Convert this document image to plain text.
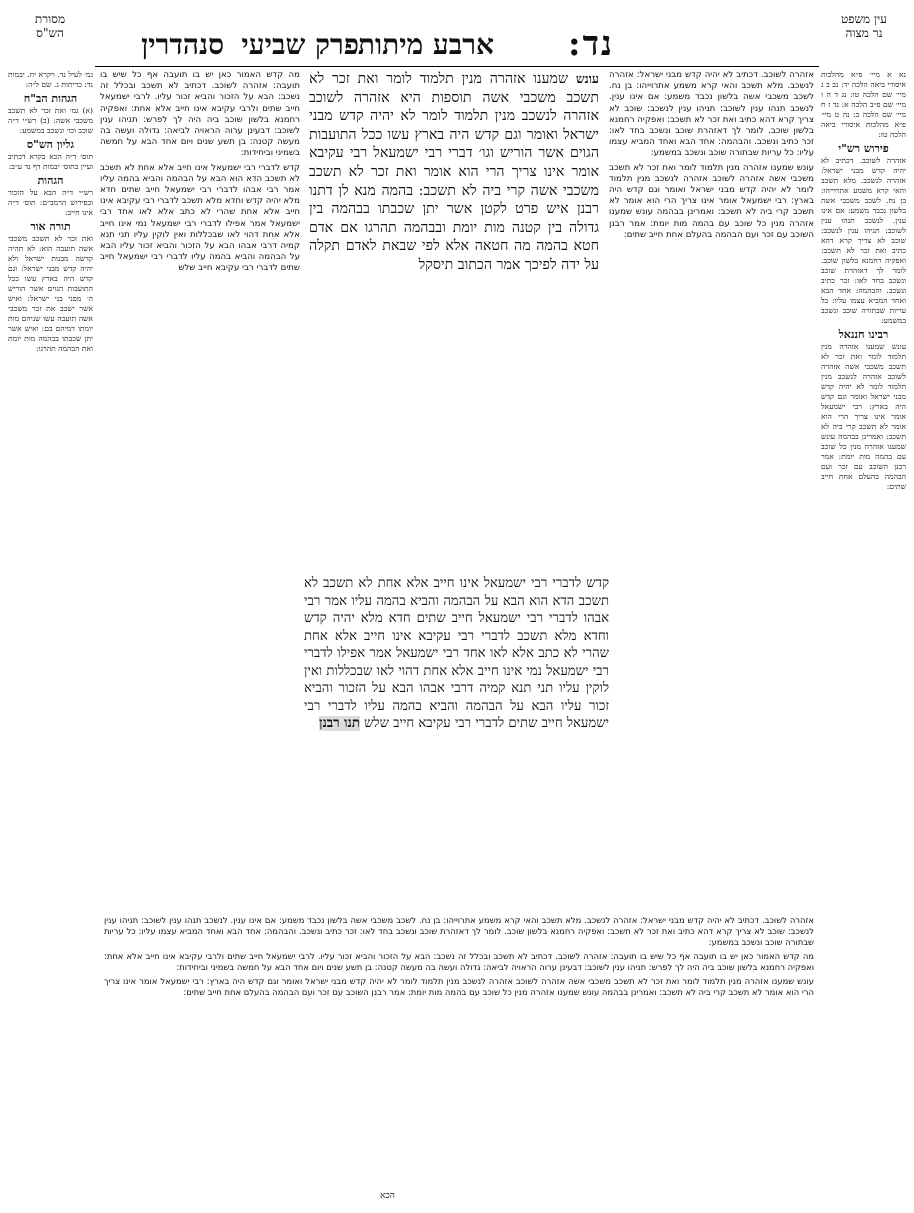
עין משפט
נר מצוה
נד:
ארבע מיתות
פרק שביעי
סנהדרין
מסורת
הש"ס

נא א מיי׳ פ״א מהלכות איסורי ביאה הלכה יד: נב ב ג מיי׳ שם הלכה טו: נג ד ה ו מיי׳ שם פ״ב הלכה א: נד ז ח מיי׳ שם הלכה ב: נה ט מיי׳ פ״א מהלכות איסורי ביאה הלכה טז:

פירוש רש"י

אזהרה לשוכב. דכתיב לא יהיה קדש מבני ישראל: אזהרה לנשכב. מלא תשכב והאי קרא משמע אתרוייהו: בן נח. לשכב משכבי אשה בלשון נכבד משמע: אם אינו ענין. לנשכב תנהו ענין לשוכב: תניהו ענין לנשכב: שוכב לא צריך קרא דהא כתיב ואת זכר לא תשכב: ואפקיה רחמנא בלשון שוכב. לומר לך דאזהרת שוכב ונשכב בחד לאו: זכר כתיב ונשכב. והבהמה: אחד הבא ואחד המביא עצמו עליו: כל עריות שבתורה שוכב ונשכב במשמע:

רבינו חננאל

עונש שמענו אזהרה מנין תלמוד לומר ואת זכר לא תשכב משכבי אשה אזהרה לשוכב אזהרה לנשכב מנין תלמוד לומר לא יהיה קדש מבני ישראל ואומר וגם קדש היה בארץ: רבי ישמעאל אומר אינו צריך הרי הוא אומר לא תשכב קרי ביה לא תשכב: ואמרינן בבהמה עונש שמענו אזהרה מנין כל שוכב עם בהמה מות יומת: אמר רבנן השוכב עם זכר ועם הבהמה בהעלם אחת חייב שתים:

אזהרה לשוכב. דכתיב לא יהיה קדש מבני ישראל: אזהרה לנשכב. מלא תשכב והאי קרא משמע אתרוייהו: בן נח. לשכב משכבי אשה בלשון נכבד משמע: אם אינו ענין. לנשכב תנהו ענין לשוכב: תניהו ענין לנשכב: שוכב לא צריך קרא דהא כתיב ואת זכר לא תשכב: ואפקיה רחמנא בלשון שוכב. לומר לך דאזהרת שוכב ונשכב בחד לאו: זכר כתיב ונשכב. והבהמה: אחד הבא ואחד המביא עצמו עליו: כל עריות שבתורה שוכב ונשכב במשמע:

עונש שמענו אזהרה מנין תלמוד לומר ואת זכר לא תשכב משכבי אשה אזהרה לשוכב אזהרה לנשכב מנין תלמוד לומר לא יהיה קדש מבני ישראל ואומר וגם קדש היה בארץ: רבי ישמעאל אומר אינו צריך הרי הוא אומר לא תשכב קרי ביה לא תשכב: ואמרינן בבהמה עונש שמענו אזהרה מנין כל שוכב עם בהמה מות יומת: אמר רבנן השוכב עם זכר ועם הבהמה בהעלם אחת חייב שתים:

עונש שמענו אזהרה מנין תלמוד לומר ואת זכר לא תשכב משכבי אשה תוספות היא אזהרה לשוכב אזהרה לנשכב מנין תלמוד לומר לא יהיה קדש מבני ישראל ואומר וגם קדש היה בארץ עשו ככל התועבות הגוים אשר הוריש וגו׳ דברי רבי ישמעאל רבי עקיבא אומר אינו צריך הרי הוא אומר ואת זכר לא תשכב משכבי אשה קרי ביה לא תשכב: בהמה מנא לן דתנו רבנן איש פרט לקטן אשר יתן שכבתו בבהמה בין גדולה בין קטנה מות יומת ובבהמה תהרגו אם אדם חטא בהמה מה חטאה אלא לפי שבאת לאדם תקלה על ידה לפיכך אמר הכתוב תיסקל

מה קדש האמור כאן יש בו תועבה אף כל שיש בו תועבה: אזהרה לשוכב. דכתיב לא תשכב ובכלל זה נשכב: הבא על הזכור והביא זכור עליו. לרבי ישמעאל חייב שתים ולרבי עקיבא אינו חייב אלא אחת: ואפקיה רחמנא בלשון שוכב ביה היה לך לפרש: תניהו ענין לשוכב: דבעינן ערוה הראויה לביאה: גדולה ועשה בה מעשה קטנה: בן תשע שנים ויום אחד הבא על חמשה בשמיני וביחידות:

קדש לדברי רבי ישמעאל אינו חייב אלא אחת לא תשכב לא תשכב הדא הוא הבא על הבהמה והביא בהמה עליו אמר רבי אבהו לדברי רבי ישמעאל חייב שתים חדא מלא יהיה קדש וחדא מלא תשכב לדברי רבי עקיבא אינו חייב אלא אחת שהרי לא כתב אלא לאו אחד רבי ישמעאל אמר אפילו לדברי רבי ישמעאל נמי אינו חייב אלא אחת דהוי לאו שבכללות ואין לוקין עליו תני תנא קמיה דרבי אבהו הבא על הזכור והביא זכור עליו הבא על הבהמה והביא בהמה עליו לדברי רבי ישמעאל חייב שתים לדברי רבי עקיבא חייב שלש

קדש לדברי רבי ישמעאל אינו חייב אלא אחת לא תשכב לא תשכב הדא הוא הבא על הבהמה והביא בהמה עליו אמר רבי אבהו לדברי רבי ישמעאל חייב שתים חדא מלא יהיה קדש וחדא מלא תשכב לדברי רבי עקיבא אינו חייב אלא אחת שהרי לא כתב אלא לאו אחד רבי ישמעאל אמר אפילו לדברי רבי ישמעאל נמי אינו חייב אלא אחת דהוי לאו שבכללות ואין לוקין עליו תני תנא קמיה דרבי אבהו הבא על הזכור והביא זכור עליו הבא על הבהמה והביא בהמה עליו לדברי רבי ישמעאל חייב שתים לדברי רבי עקיבא חייב שלש תנו רבנן

גמ׳ לעיל נד. ויקרא יח. יבמות נד: כריתות ג. שם ל״ה:

הגהות הב"ח

(א) גמ׳ ואת זכר לא תשכב משכבי אשה: (ב) רש״י ד״ה שוכב וכו׳ ונשכב במשמע:

גליון הש"ס

תוס׳ ד״ה הכא בקרא דכתיב ועיין בתוס׳ יבמות דף נד ע״ב:

הגהות

רש״י ד״ה הבא על הזכור ובפירוש הרמב״ם: תוס׳ ד״ה אינו חייב:

תורה אור

ואת זכר לא תשכב משכבי אשה תועבה הוא: לא תהיה קדשה מבנות ישראל ולא יהיה קדש מבני ישראל: וגם קדש היה בארץ עשו ככל התועבות הגוים אשר הוריש ה׳ מפני בני ישראל: ואיש אשר ישכב את זכר משכבי אשה תועבה עשו שניהם מות יומתו דמיהם בם: ואיש אשר יתן שכבתו בבהמה מות יומת ואת הבהמה תהרגו:

אזהרה לשוכב. דכתיב לא יהיה קדש מבני ישראל: אזהרה לנשכב. מלא תשכב והאי קרא משמע אתרוייהו: בן נח. לשכב משכבי אשה בלשון נכבד משמע: אם אינו ענין. לנשכב תנהו ענין לשוכב: תניהו ענין לנשכב: שוכב לא צריך קרא דהא כתיב ואת זכר לא תשכב: ואפקיה רחמנא בלשון שוכב. לומר לך דאזהרת שוכב ונשכב בחד לאו: זכר כתיב ונשכב. והבהמה: אחד הבא ואחד המביא עצמו עליו: כל עריות שבתורה שוכב ונשכב במשמע:

מה קדש האמור כאן יש בו תועבה אף כל שיש בו תועבה: אזהרה לשוכב. דכתיב לא תשכב ובכלל זה נשכב: הבא על הזכור והביא זכור עליו. לרבי ישמעאל חייב שתים ולרבי עקיבא אינו חייב אלא אחת: ואפקיה רחמנא בלשון שוכב ביה היה לך לפרש: תניהו ענין לשוכב: דבעינן ערוה הראויה לביאה: גדולה ועשה בה מעשה קטנה: בן תשע שנים ויום אחד הבא על חמשה בשמיני וביחידות:

עונש שמענו אזהרה מנין תלמוד לומר ואת זכר לא תשכב משכבי אשה אזהרה לשוכב אזהרה לנשכב מנין תלמוד לומר לא יהיה קדש מבני ישראל ואומר וגם קדש היה בארץ: רבי ישמעאל אומר אינו צריך הרי הוא אומר לא תשכב קרי ביה לא תשכב: ואמרינן בבהמה עונש שמענו אזהרה מנין כל שוכב עם בהמה מות יומת: אמר רבנן השוכב עם זכר ועם הבהמה בהעלם אחת חייב שתים:

הכא
